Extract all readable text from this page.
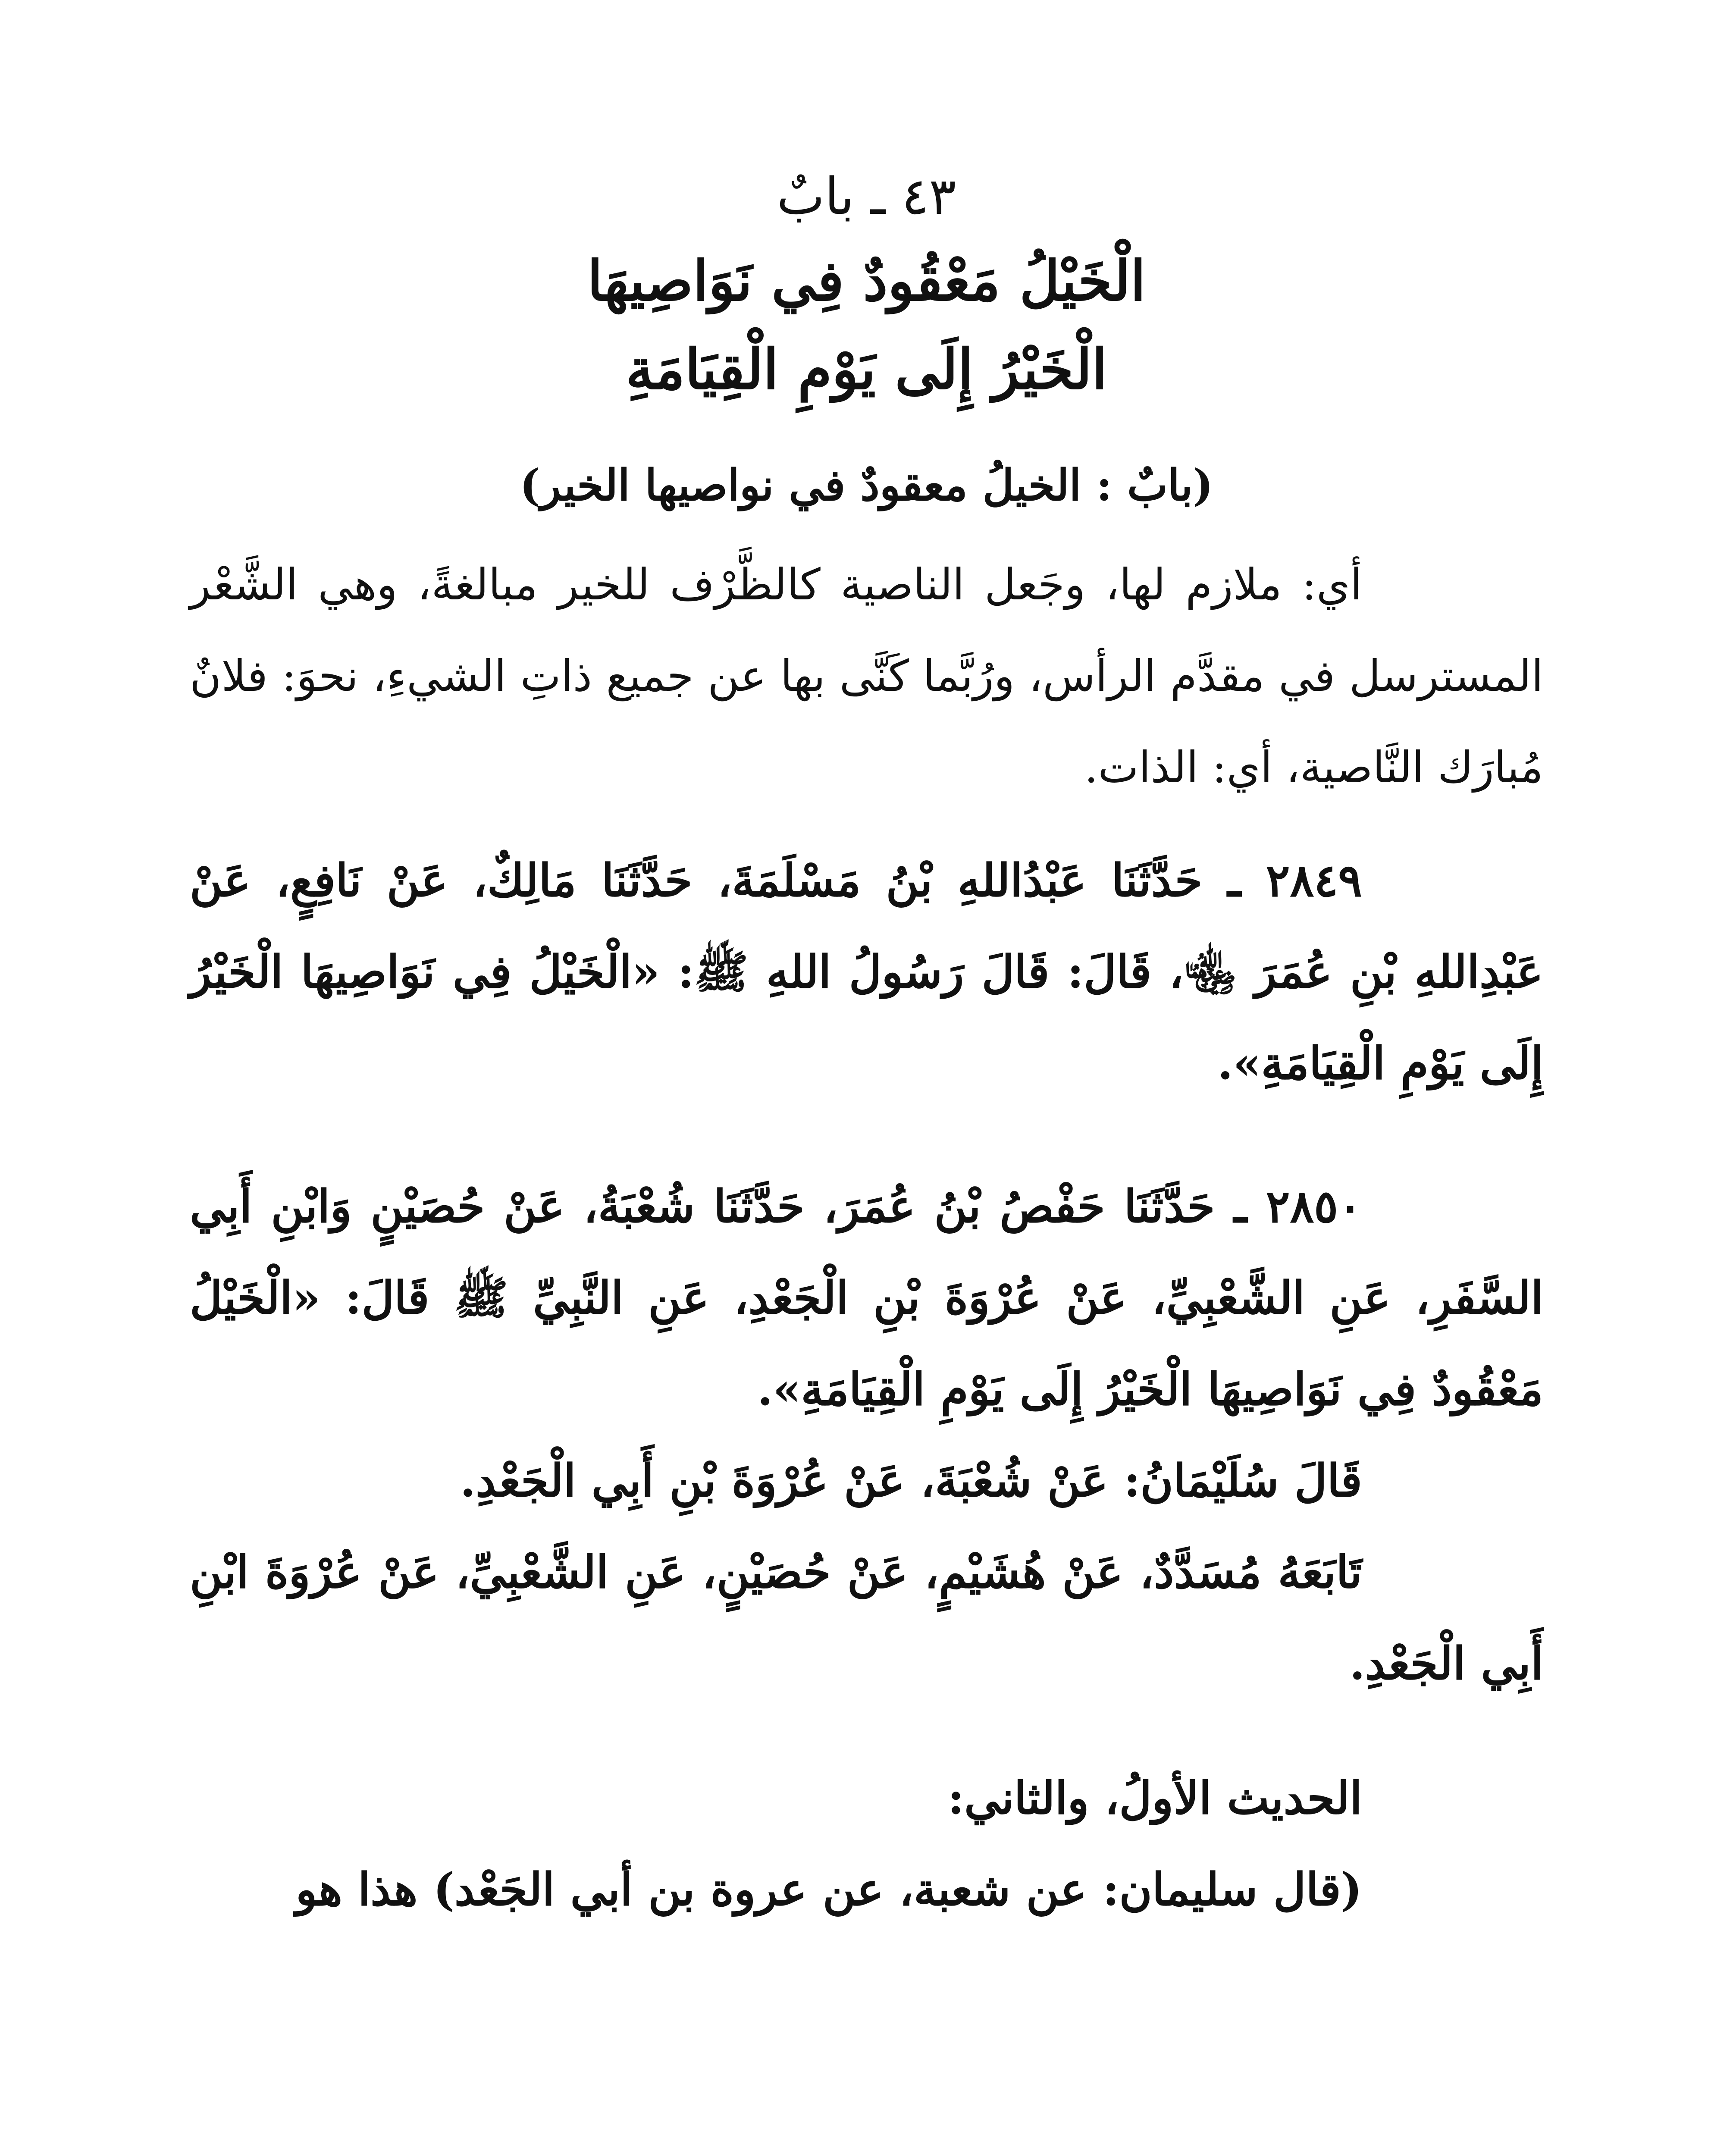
٤٣ ـ بابٌ
الْخَيْلُ مَعْقُودٌ فِي نَوَاصِيهَا
الْخَيْرُ إِلَى يَوْمِ الْقِيَامَةِ

(بابٌ : الخيلُ معقودٌ في نواصيها الخير)

أي: ملازم لها، وجَعل الناصية كالظَّرْف للخير مبالغةً، وهي الشَّعْر المسترسل في مقدَّم الرأس، ورُبَّما كَنَّى بها عن جميع ذاتِ الشيءِ، نحوَ: فلانٌ مُبارَك النَّاصية، أي: الذات.

٢٨٤٩ ـ حَدَّثَنَا عَبْدُاللهِ بْنُ مَسْلَمَةَ، حَدَّثَنَا مَالِكٌ، عَنْ نَافِعٍ، عَنْ عَبْدِاللهِ بْنِ عُمَرَ ﵄، قَالَ: قَالَ رَسُولُ اللهِ ﷺ: «الْخَيْلُ فِي نَوَاصِيهَا الْخَيْرُ إِلَى يَوْمِ الْقِيَامَةِ».

٢٨٥٠ ـ حَدَّثَنَا حَفْصُ بْنُ عُمَرَ، حَدَّثَنَا شُعْبَةُ، عَنْ حُصَيْنٍ وَابْنِ أَبِي السَّفَرِ، عَنِ الشَّعْبِيِّ، عَنْ عُرْوَةَ بْنِ الْجَعْدِ، عَنِ النَّبِيِّ ﷺ قَالَ: «الْخَيْلُ مَعْقُودٌ فِي نَوَاصِيهَا الْخَيْرُ إِلَى يَوْمِ الْقِيَامَةِ».

قَالَ سُلَيْمَانُ: عَنْ شُعْبَةَ، عَنْ عُرْوَةَ بْنِ أَبِي الْجَعْدِ.

تَابَعَهُ مُسَدَّدٌ، عَنْ هُشَيْمٍ، عَنْ حُصَيْنٍ، عَنِ الشَّعْبِيِّ، عَنْ عُرْوَةَ ابْنِ أَبِي الْجَعْدِ.

الحديث الأولُ، والثاني:

(قال سليمان: عن شعبة، عن عروة بن أبي الجَعْد) هذا هو
